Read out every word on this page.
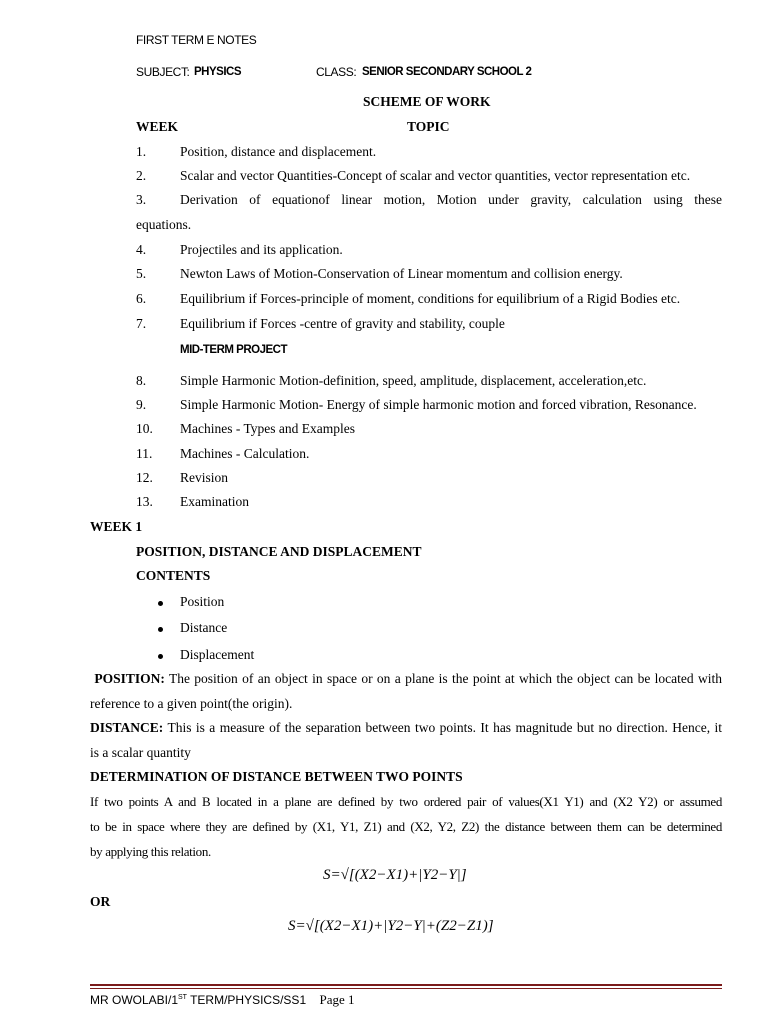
FIRST TERM E NOTES
SUBJECT: PHYSICS	CLASS: SENIOR SECONDARY SCHOOL 2
SCHEME OF WORK
WEEK	TOPIC
1.	Position, distance and displacement.
2.	Scalar and vector Quantities-Concept of scalar and vector quantities, vector representation etc.
3.	Derivation of equationof linear motion, Motion under gravity, calculation using these
equations.
4.	Projectiles and its application.
5.	Newton Laws of Motion-Conservation of Linear momentum and collision energy.
6.	Equilibrium if Forces-principle of moment, conditions for equilibrium of a Rigid Bodies etc.
7.	Equilibrium if Forces -centre of gravity and stability, couple
MID-TERM PROJECT
8.	Simple Harmonic Motion-definition, speed, amplitude, displacement, acceleration,etc.
9.	Simple Harmonic Motion- Energy of simple harmonic motion and forced vibration, Resonance.
10. Machines - Types and Examples
11. Machines - Calculation.
12. Revision
13. Examination
WEEK 1
POSITION, DISTANCE AND DISPLACEMENT
CONTENTS
Position
Distance
Displacement
POSITION: The position of an object in space or on a plane is the point at which the object can be located with
reference to a given point(the origin).
DISTANCE: This is a measure of the separation between two points. It has magnitude but no direction. Hence, it
is a scalar quantity
DETERMINATION OF DISTANCE BETWEEN TWO POINTS
If two points A and B located in a plane are defined by two ordered pair of values(X1 Y1) and (X2 Y2) or assumed
to be in space where they are defined by (X1, Y1, Z1) and (X2, Y2, Z2) the distance between them can be determined
by applying this relation.
S=√[(X2−X1)+|Y2−Y|]
OR
S=√[(X2−X1)+|Y2−Y|+(Z2−Z1)]
MR OWOLABI/1ST TERM/PHYSICS/SS1 Page 1
